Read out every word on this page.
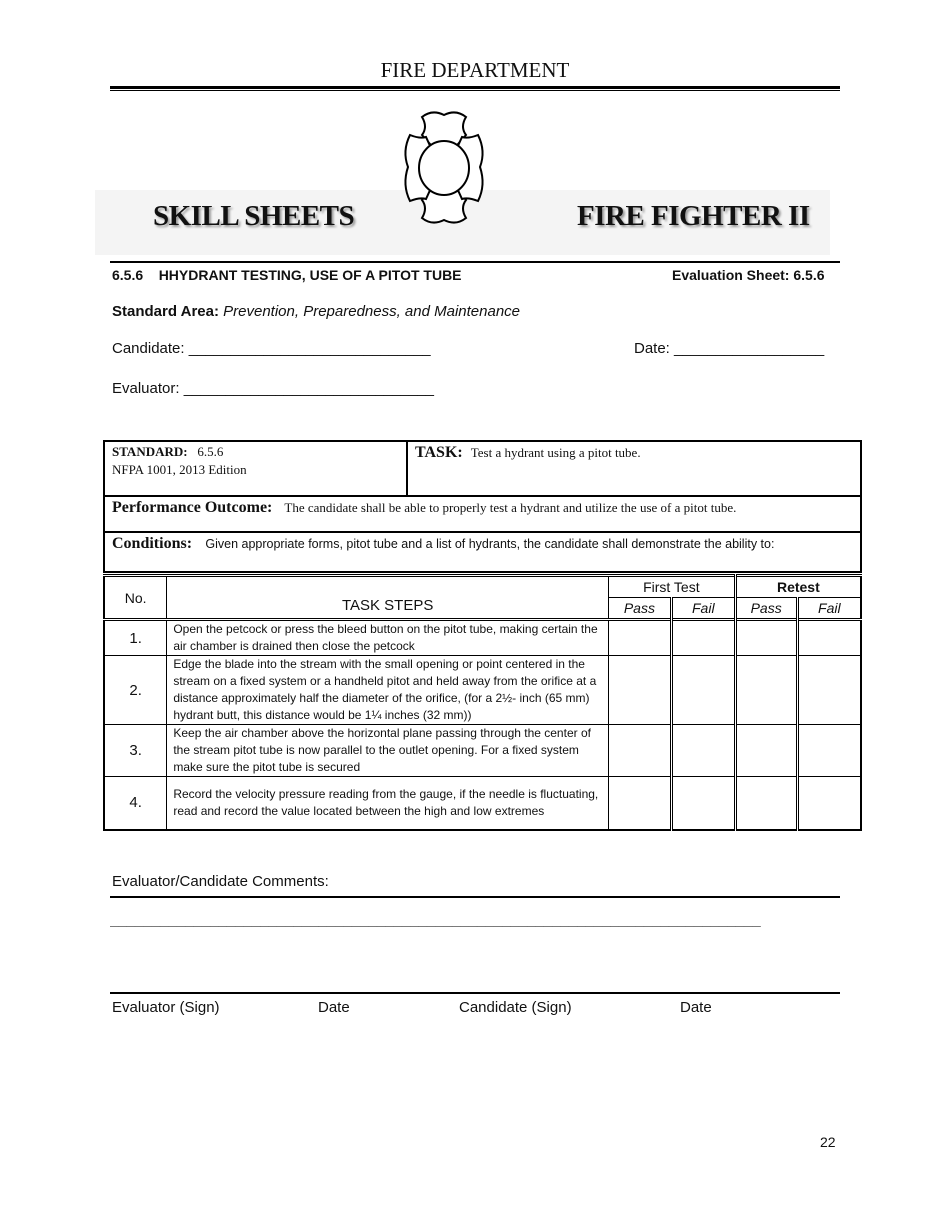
FIRE DEPARTMENT
SKILL SHEETS	FIRE FIGHTER II
6.5.6    HHYDRANT TESTING, USE OF A PITOT TUBE	Evaluation Sheet: 6.5.6
Standard Area: Prevention, Preparedness, and Maintenance
Candidate: _____________________________	Date: __________________
Evaluator: ______________________________
STANDARD: 6.5.6
NFPA 1001, 2013 Edition
TASK: Test a hydrant using a pitot tube.
Performance Outcome: The candidate shall be able to properly test a hydrant and utilize the use of a pitot tube.
Conditions: Given appropriate forms, pitot tube and a list of hydrants, the candidate shall demonstrate the ability to:
No.	TASK STEPS	First Test		Retest	
		Pass	Fail	Pass	Fail
1.	Open the petcock or press the bleed button on the pitot tube, making certain the air chamber is drained then close the petcock				
2.	Edge the blade into the stream with the small opening or point centered in the stream on a fixed system or a handheld pitot and held away from the orifice at a distance approximately half the diameter of the orifice, (for a 2½- inch (65 mm) hydrant butt, this distance would be 1¼ inches (32 mm))				
3.	Keep the air chamber above the horizontal plane passing through the center of the stream pitot tube is now parallel to the outlet opening. For a fixed system make sure the pitot tube is secured				
4.	Record the velocity pressure reading from the gauge, if the needle is fluctuating, read and record the value located between the high and low extremes				
Evaluator/Candidate Comments:
______________________________________________________________________________
Evaluator (Sign)	Date	Candidate (Sign)	Date
22
